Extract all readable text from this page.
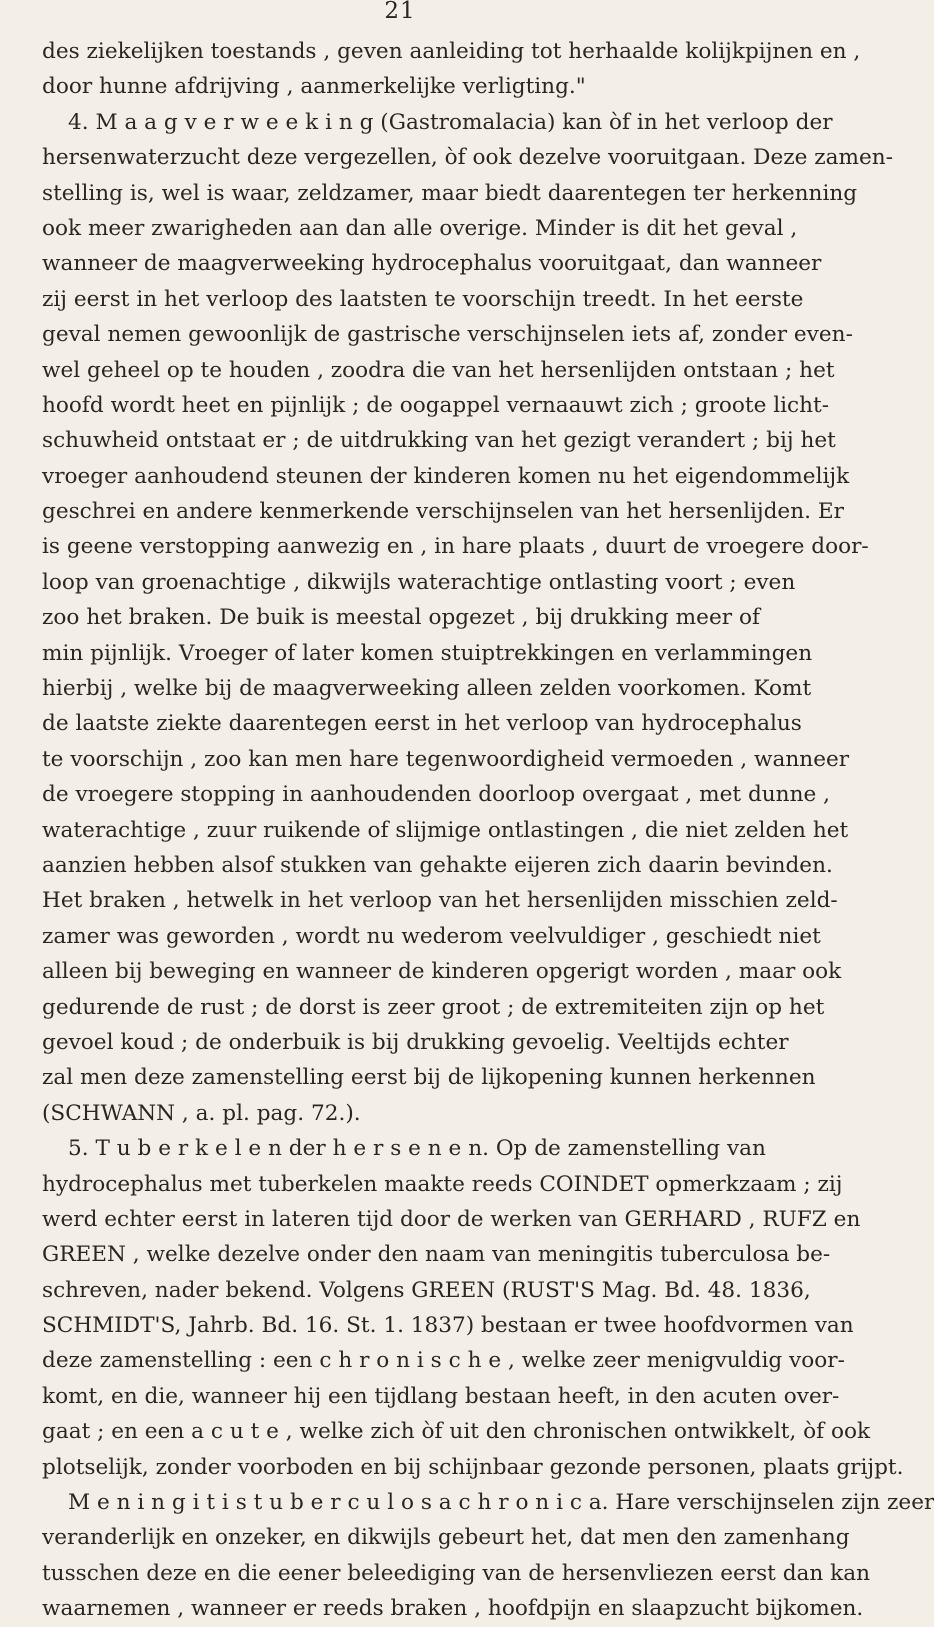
21
des ziekelijken toestands , geven aanleiding tot herhaalde kolijkpijnen en ,
door hunne afdrijving , aanmerkelijke verligting."
4. M a a g v e r w e e k i n g (Gastromalacia) kan òf in het verloop der
hersenwaterzucht deze vergezellen, òf ook dezelve vooruitgaan. Deze zamen-
stelling is, wel is waar, zeldzamer, maar biedt daarentegen ter herkenning
ook meer zwarigheden aan dan alle overige. Minder is dit het geval ,
wanneer de maagverweeking hydrocephalus vooruitgaat, dan wanneer
zij eerst in het verloop des laatsten te voorschijn treedt. In het eerste
geval nemen gewoonlijk de gastrische verschijnselen iets af, zonder even-
wel geheel op te houden , zoodra die van het hersenlijden ontstaan ; het
hoofd wordt heet en pijnlijk ; de oogappel vernaauwt zich ; groote licht-
schuwheid ontstaat er ; de uitdrukking van het gezigt verandert ; bij het
vroeger aanhoudend steunen der kinderen komen nu het eigendommelijk
geschrei en andere kenmerkende verschijnselen van het hersenlijden. Er
is geene verstopping aanwezig en , in hare plaats , duurt de vroegere door-
loop van groenachtige , dikwijls waterachtige ontlasting voort ; even
zoo het braken. De buik is meestal opgezet , bij drukking meer of
min pijnlijk. Vroeger of later komen stuiptrekkingen en verlammingen
hierbij , welke bij de maagverweeking alleen zelden voorkomen. Komt
de laatste ziekte daarentegen eerst in het verloop van hydrocephalus
te voorschijn , zoo kan men hare tegenwoordigheid vermoeden , wanneer
de vroegere stopping in aanhoudenden doorloop overgaat , met dunne ,
waterachtige , zuur ruikende of slijmige ontlastingen , die niet zelden het
aanzien hebben alsof stukken van gehakte eijeren zich daarin bevinden.
Het braken , hetwelk in het verloop van het hersenlijden misschien zeld-
zamer was geworden , wordt nu wederom veelvuldiger , geschiedt niet
alleen bij beweging en wanneer de kinderen opgerigt worden , maar ook
gedurende de rust ; de dorst is zeer groot ; de extremiteiten zijn op het
gevoel koud ; de onderbuik is bij drukking gevoelig. Veeltijds echter
zal men deze zamenstelling eerst bij de lijkopening kunnen herkennen
(SCHWANN , a. pl. pag. 72.).
5. T u b e r k e l e n der h e r s e n e n. Op de zamenstelling van
hydrocephalus met tuberkelen maakte reeds COINDET opmerkzaam ; zij
werd echter eerst in lateren tijd door de werken van GERHARD , RUFZ en
GREEN , welke dezelve onder den naam van meningitis tuberculosa be-
schreven, nader bekend. Volgens GREEN (RUST'S Mag. Bd. 48. 1836,
SCHMIDT'S, Jahrb. Bd. 16. St. 1. 1837) bestaan er twee hoofdvormen van
deze zamenstelling : een c h r o n i s c h e , welke zeer menigvuldig voor-
komt, en die, wanneer hij een tijdlang bestaan heeft, in den acuten over-
gaat ; en een a c u t e , welke zich òf uit den chronischen ontwikkelt, òf ook
plotselijk, zonder voorboden en bij schijnbaar gezonde personen, plaats grijpt.
M e n i n g i t i s t u b e r c u l o s a c h r o n i c a. Hare verschijnselen zijn zeer
veranderlijk en onzeker, en dikwijls gebeurt het, dat men den zamenhang
tusschen deze en die eener beleediging van de hersenvliezen eerst dan kan
waarnemen , wanneer er reeds braken , hoofdpijn en slaapzucht bijkomen.
